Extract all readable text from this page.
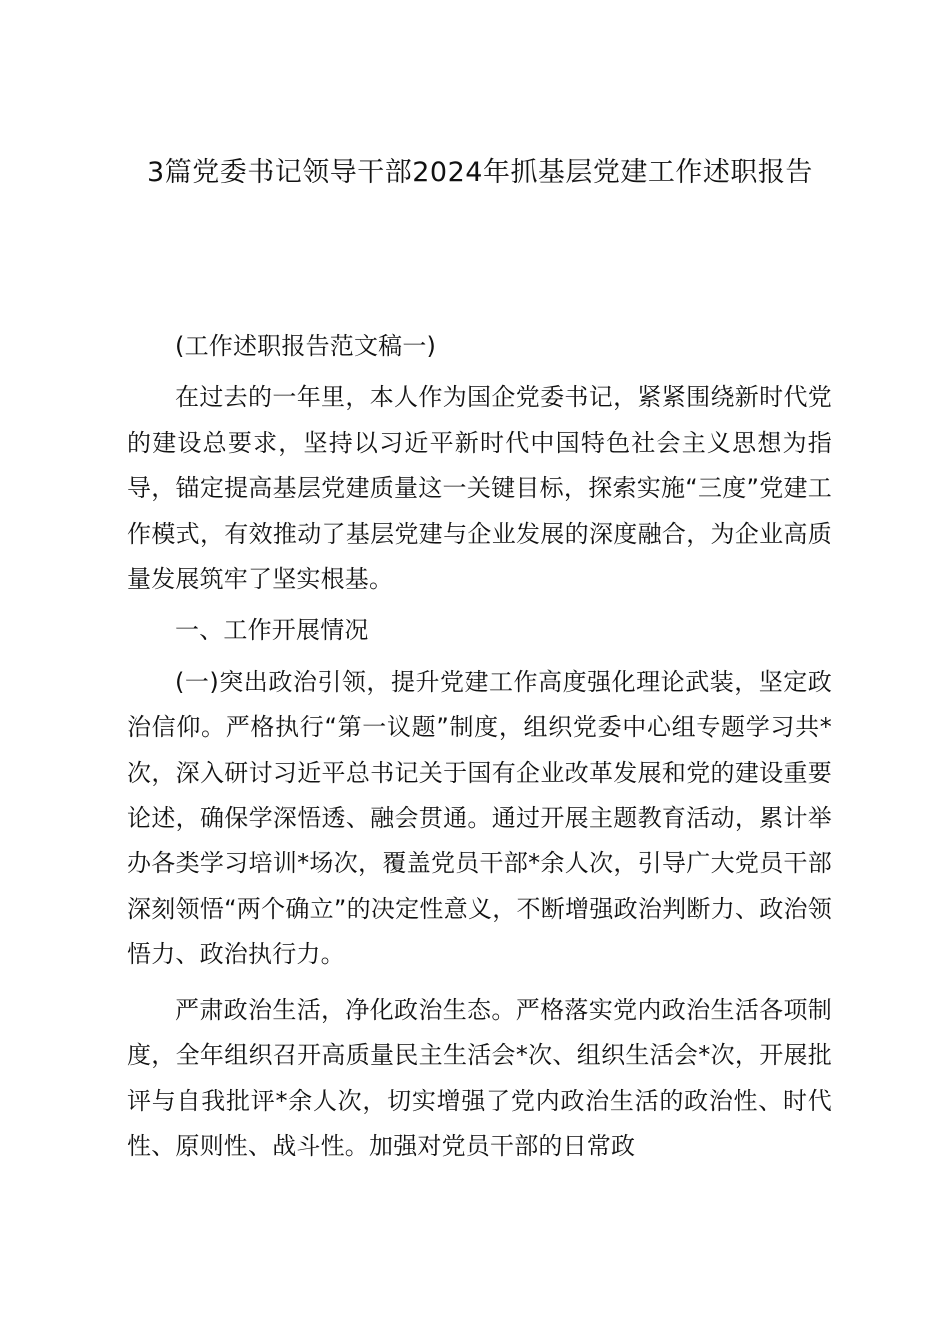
3篇党委书记领导干部2024年抓基层党建工作述职报告

(工作述职报告范文稿一)

在过去的一年里，本人作为国企党委书记，紧紧围绕新时代党的建设总要求，坚持以习近平新时代中国特色社会主义思想为指导，锚定提高基层党建质量这一关键目标，探索实施“三度”党建工作模式，有效推动了基层党建与企业发展的深度融合，为企业高质量发展筑牢了坚实根基。

一、工作开展情况

(一)突出政治引领，提升党建工作高度强化理论武装，坚定政治信仰。严格执行“第一议题”制度，组织党委中心组专题学习共*次，深入研讨习近平总书记关于国有企业改革发展和党的建设重要论述，确保学深悟透、融会贯通。通过开展主题教育活动，累计举办各类学习培训*场次，覆盖党员干部*余人次，引导广大党员干部深刻领悟“两个确立”的决定性意义，不断增强政治判断力、政治领悟力、政治执行力。

严肃政治生活，净化政治生态。严格落实党内政治生活各项制度，全年组织召开高质量民主生活会*次、组织生活会*次，开展批评与自我批评*余人次，切实增强了党内政治生活的政治性、时代性、原则性、战斗性。加强对党员干部的日常政
